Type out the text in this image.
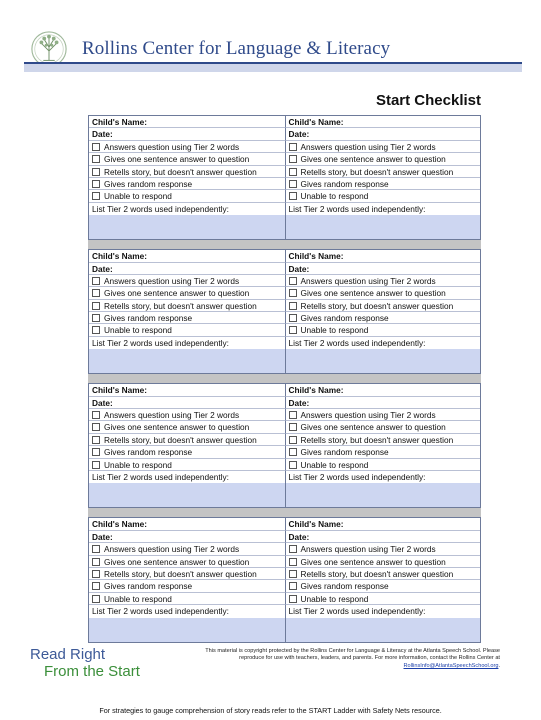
Rollins Center for Language & Literacy
Start Checklist
Child's Name:	Child's Name:
Date:	Date:
Answers question using Tier 2 words	Answers question using Tier 2 words
Gives one sentence answer to question	Gives one sentence answer to question
Retells story, but doesn't answer question	Retells story, but doesn't answer question
Gives random response	Gives random response
Unable to respond	Unable to respond
List Tier 2 words used independently:	List Tier 2 words used independently:
Child's Name:	Child's Name:
Date:	Date:
Answers question using Tier 2 words	Answers question using Tier 2 words
Gives one sentence answer to question	Gives one sentence answer to question
Retells story, but doesn't answer question	Retells story, but doesn't answer question
Gives random response	Gives random response
Unable to respond	Unable to respond
List Tier 2 words used independently:	List Tier 2 words used independently:
Child's Name:	Child's Name:
Date:	Date:
Answers question using Tier 2 words	Answers question using Tier 2 words
Gives one sentence answer to question	Gives one sentence answer to question
Retells story, but doesn't answer question	Retells story, but doesn't answer question
Gives random response	Gives random response
Unable to respond	Unable to respond
List Tier 2 words used independently:	List Tier 2 words used independently:
Child's Name:	Child's Name:
Date:	Date:
Answers question using Tier 2 words	Answers question using Tier 2 words
Gives one sentence answer to question	Gives one sentence answer to question
Retells story, but doesn't answer question	Retells story, but doesn't answer question
Gives random response	Gives random response
Unable to respond	Unable to respond
List Tier 2 words used independently:	List Tier 2 words used independently:
Read Right
From the Start
This material is copyright protected by the Rollins Center for Language & Literacy at the Atlanta Speech School. Please reproduce for use with teachers, leaders, and parents. For more information, contact the Rollins Center at RollinsInfo@AtlantaSpeechSchool.org.
For strategies to gauge comprehension of story reads refer to the START Ladder with Safety Nets resource.
